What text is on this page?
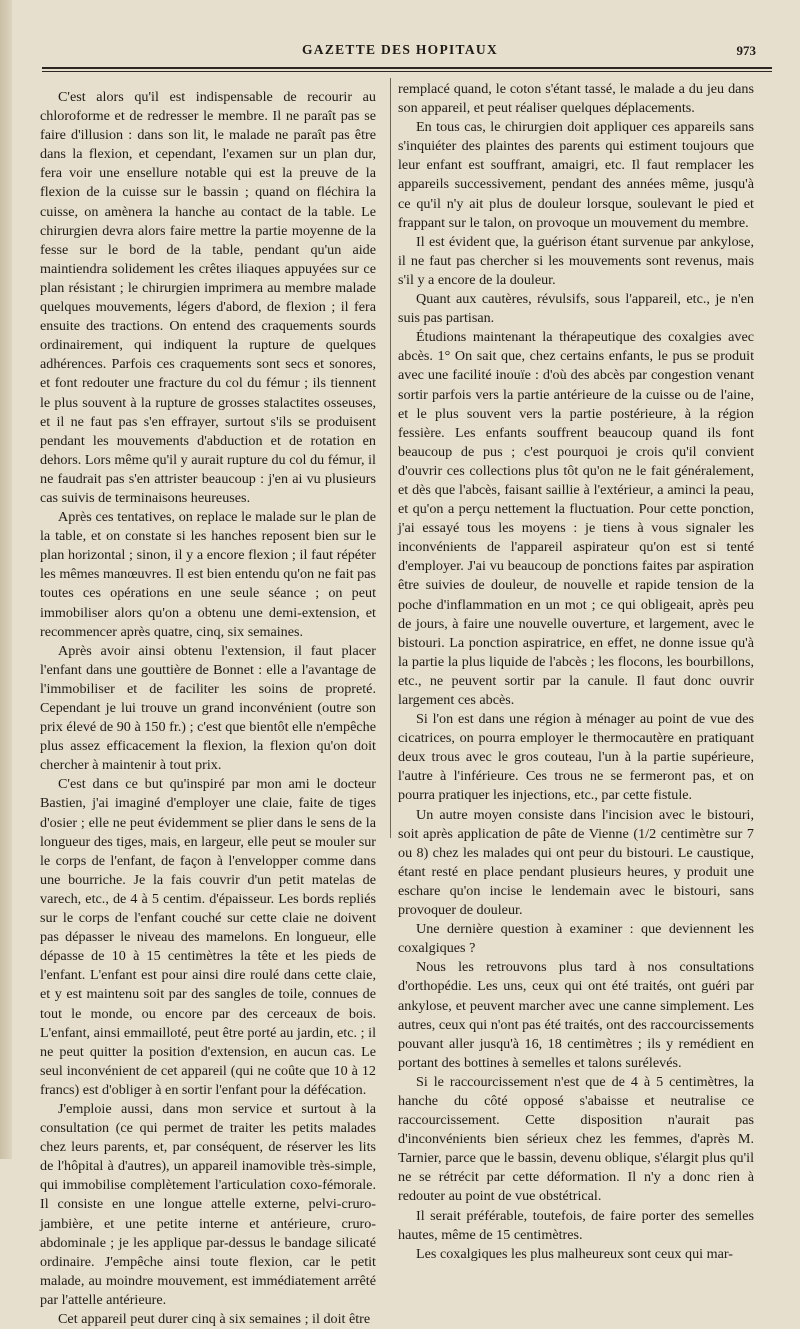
GAZETTE DES HOPITAUX	973

C'est alors qu'il est indispensable de recourir au chloroforme et de redresser le membre. Il ne paraît pas se faire d'illusion : dans son lit, le malade ne paraît pas être dans la flexion, et cependant, l'examen sur un plan dur, fera voir une ensellure notable qui est la preuve de la flexion de la cuisse sur le bassin ; quand on fléchira la cuisse, on amènera la hanche au contact de la table. Le chirurgien devra alors faire mettre la partie moyenne de la fesse sur le bord de la table, pendant qu'un aide maintiendra solidement les crêtes iliaques appuyées sur ce plan résistant ; le chirurgien imprimera au membre malade quelques mouvements, légers d'abord, de flexion ; il fera ensuite des tractions. On entend des craquements sourds ordinairement, qui indiquent la rupture de quelques adhérences. Parfois ces craquements sont secs et sonores, et font redouter une fracture du col du fémur ; ils tiennent le plus souvent à la rupture de grosses stalactites osseuses, et il ne faut pas s'en effrayer, surtout s'ils se produisent pendant les mouvements d'abduction et de rotation en dehors. Lors même qu'il y aurait rupture du col du fémur, il ne faudrait pas s'en attrister beaucoup : j'en ai vu plusieurs cas suivis de terminaisons heureuses.

Après ces tentatives, on replace le malade sur le plan de la table, et on constate si les hanches reposent bien sur le plan horizontal ; sinon, il y a encore flexion ; il faut répéter les mêmes manœuvres. Il est bien entendu qu'on ne fait pas toutes ces opérations en une seule séance ; on peut immobiliser alors qu'on a obtenu une demi-extension, et recommencer après quatre, cinq, six semaines.

Après avoir ainsi obtenu l'extension, il faut placer l'enfant dans une gouttière de Bonnet : elle a l'avantage de l'immobiliser et de faciliter les soins de propreté. Cependant je lui trouve un grand inconvénient (outre son prix élevé de 90 à 150 fr.) ; c'est que bientôt elle n'empêche plus assez efficacement la flexion, la flexion qu'on doit chercher à maintenir à tout prix.

C'est dans ce but qu'inspiré par mon ami le docteur Bastien, j'ai imaginé d'employer une claie, faite de tiges d'osier ; elle ne peut évidemment se plier dans le sens de la longueur des tiges, mais, en largeur, elle peut se mouler sur le corps de l'enfant, de façon à l'envelopper comme dans une bourriche. Je la fais couvrir d'un petit matelas de varech, etc., de 4 à 5 centim. d'épaisseur. Les bords repliés sur le corps de l'enfant couché sur cette claie ne doivent pas dépasser le niveau des mamelons. En longueur, elle dépasse de 10 à 15 centimètres la tête et les pieds de l'enfant. L'enfant est pour ainsi dire roulé dans cette claie, et y est maintenu soit par des sangles de toile, connues de tout le monde, ou encore par des cerceaux de bois. L'enfant, ainsi emmailloté, peut être porté au jardin, etc. ; il ne peut quitter la position d'extension, en aucun cas. Le seul inconvénient de cet appareil (qui ne coûte que 10 à 12 francs) est d'obliger à en sortir l'enfant pour la défécation.

J'emploie aussi, dans mon service et surtout à la consultation (ce qui permet de traiter les petits malades chez leurs parents, et, par conséquent, de réserver les lits de l'hôpital à d'autres), un appareil inamovible très-simple, qui immobilise complètement l'articulation coxo-fémorale. Il consiste en une longue attelle externe, pelvi-cruro-jambière, et une petite interne et antérieure, cruro-abdominale ; je les applique par-dessus le bandage silicaté ordinaire. J'empêche ainsi toute flexion, car le petit malade, au moindre mouvement, est immédiatement arrêté par l'attelle antérieure.

Cet appareil peut durer cinq à six semaines ; il doit être

remplacé quand, le coton s'étant tassé, le malade a du jeu dans son appareil, et peut réaliser quelques déplacements.

En tous cas, le chirurgien doit appliquer ces appareils sans s'inquiéter des plaintes des parents qui estiment toujours que leur enfant est souffrant, amaigri, etc. Il faut remplacer les appareils successivement, pendant des années même, jusqu'à ce qu'il n'y ait plus de douleur lorsque, soulevant le pied et frappant sur le talon, on provoque un mouvement du membre.

Il est évident que, la guérison étant survenue par ankylose, il ne faut pas chercher si les mouvements sont revenus, mais s'il y a encore de la douleur.

Quant aux cautères, révulsifs, sous l'appareil, etc., je n'en suis pas partisan.

Étudions maintenant la thérapeutique des coxalgies avec abcès. 1° On sait que, chez certains enfants, le pus se produit avec une facilité inouïe : d'où des abcès par congestion venant sortir parfois vers la partie antérieure de la cuisse ou de l'aine, et le plus souvent vers la partie postérieure, à la région fessière. Les enfants souffrent beaucoup quand ils font beaucoup de pus ; c'est pourquoi je crois qu'il convient d'ouvrir ces collections plus tôt qu'on ne le fait généralement, et dès que l'abcès, faisant saillie à l'extérieur, a aminci la peau, et qu'on a perçu nettement la fluctuation. Pour cette ponction, j'ai essayé tous les moyens : je tiens à vous signaler les inconvénients de l'appareil aspirateur qu'on est si tenté d'employer. J'ai vu beaucoup de ponctions faites par aspiration être suivies de douleur, de nouvelle et rapide tension de la poche d'inflammation en un mot ; ce qui obligeait, après peu de jours, à faire une nouvelle ouverture, et largement, avec le bistouri. La ponction aspiratrice, en effet, ne donne issue qu'à la partie la plus liquide de l'abcès ; les flocons, les bourbillons, etc., ne peuvent sortir par la canule. Il faut donc ouvrir largement ces abcès.

Si l'on est dans une région à ménager au point de vue des cicatrices, on pourra employer le thermocautère en pratiquant deux trous avec le gros couteau, l'un à la partie supérieure, l'autre à l'inférieure. Ces trous ne se fermeront pas, et on pourra pratiquer les injections, etc., par cette fistule.

Un autre moyen consiste dans l'incision avec le bistouri, soit après application de pâte de Vienne (1/2 centimètre sur 7 ou 8) chez les malades qui ont peur du bistouri. Le caustique, étant resté en place pendant plusieurs heures, y produit une eschare qu'on incise le lendemain avec le bistouri, sans provoquer de douleur.

Une dernière question à examiner : que deviennent les coxalgiques ?

Nous les retrouvons plus tard à nos consultations d'orthopédie. Les uns, ceux qui ont été traités, ont guéri par ankylose, et peuvent marcher avec une canne simplement. Les autres, ceux qui n'ont pas été traités, ont des raccourcissements pouvant aller jusqu'à 16, 18 centimètres ; ils y remédient en portant des bottines à semelles et talons surélevés.

Si le raccourcissement n'est que de 4 à 5 centimètres, la hanche du côté opposé s'abaisse et neutralise ce raccourcissement. Cette disposition n'aurait pas d'inconvénients bien sérieux chez les femmes, d'après M. Tarnier, parce que le bassin, devenu oblique, s'élargit plus qu'il ne se rétrécit par cette déformation. Il n'y a donc rien à redouter au point de vue obstétrical.

Il serait préférable, toutefois, de faire porter des semelles hautes, même de 15 centimètres.

Les coxalgiques les plus malheureux sont ceux qui mar-
